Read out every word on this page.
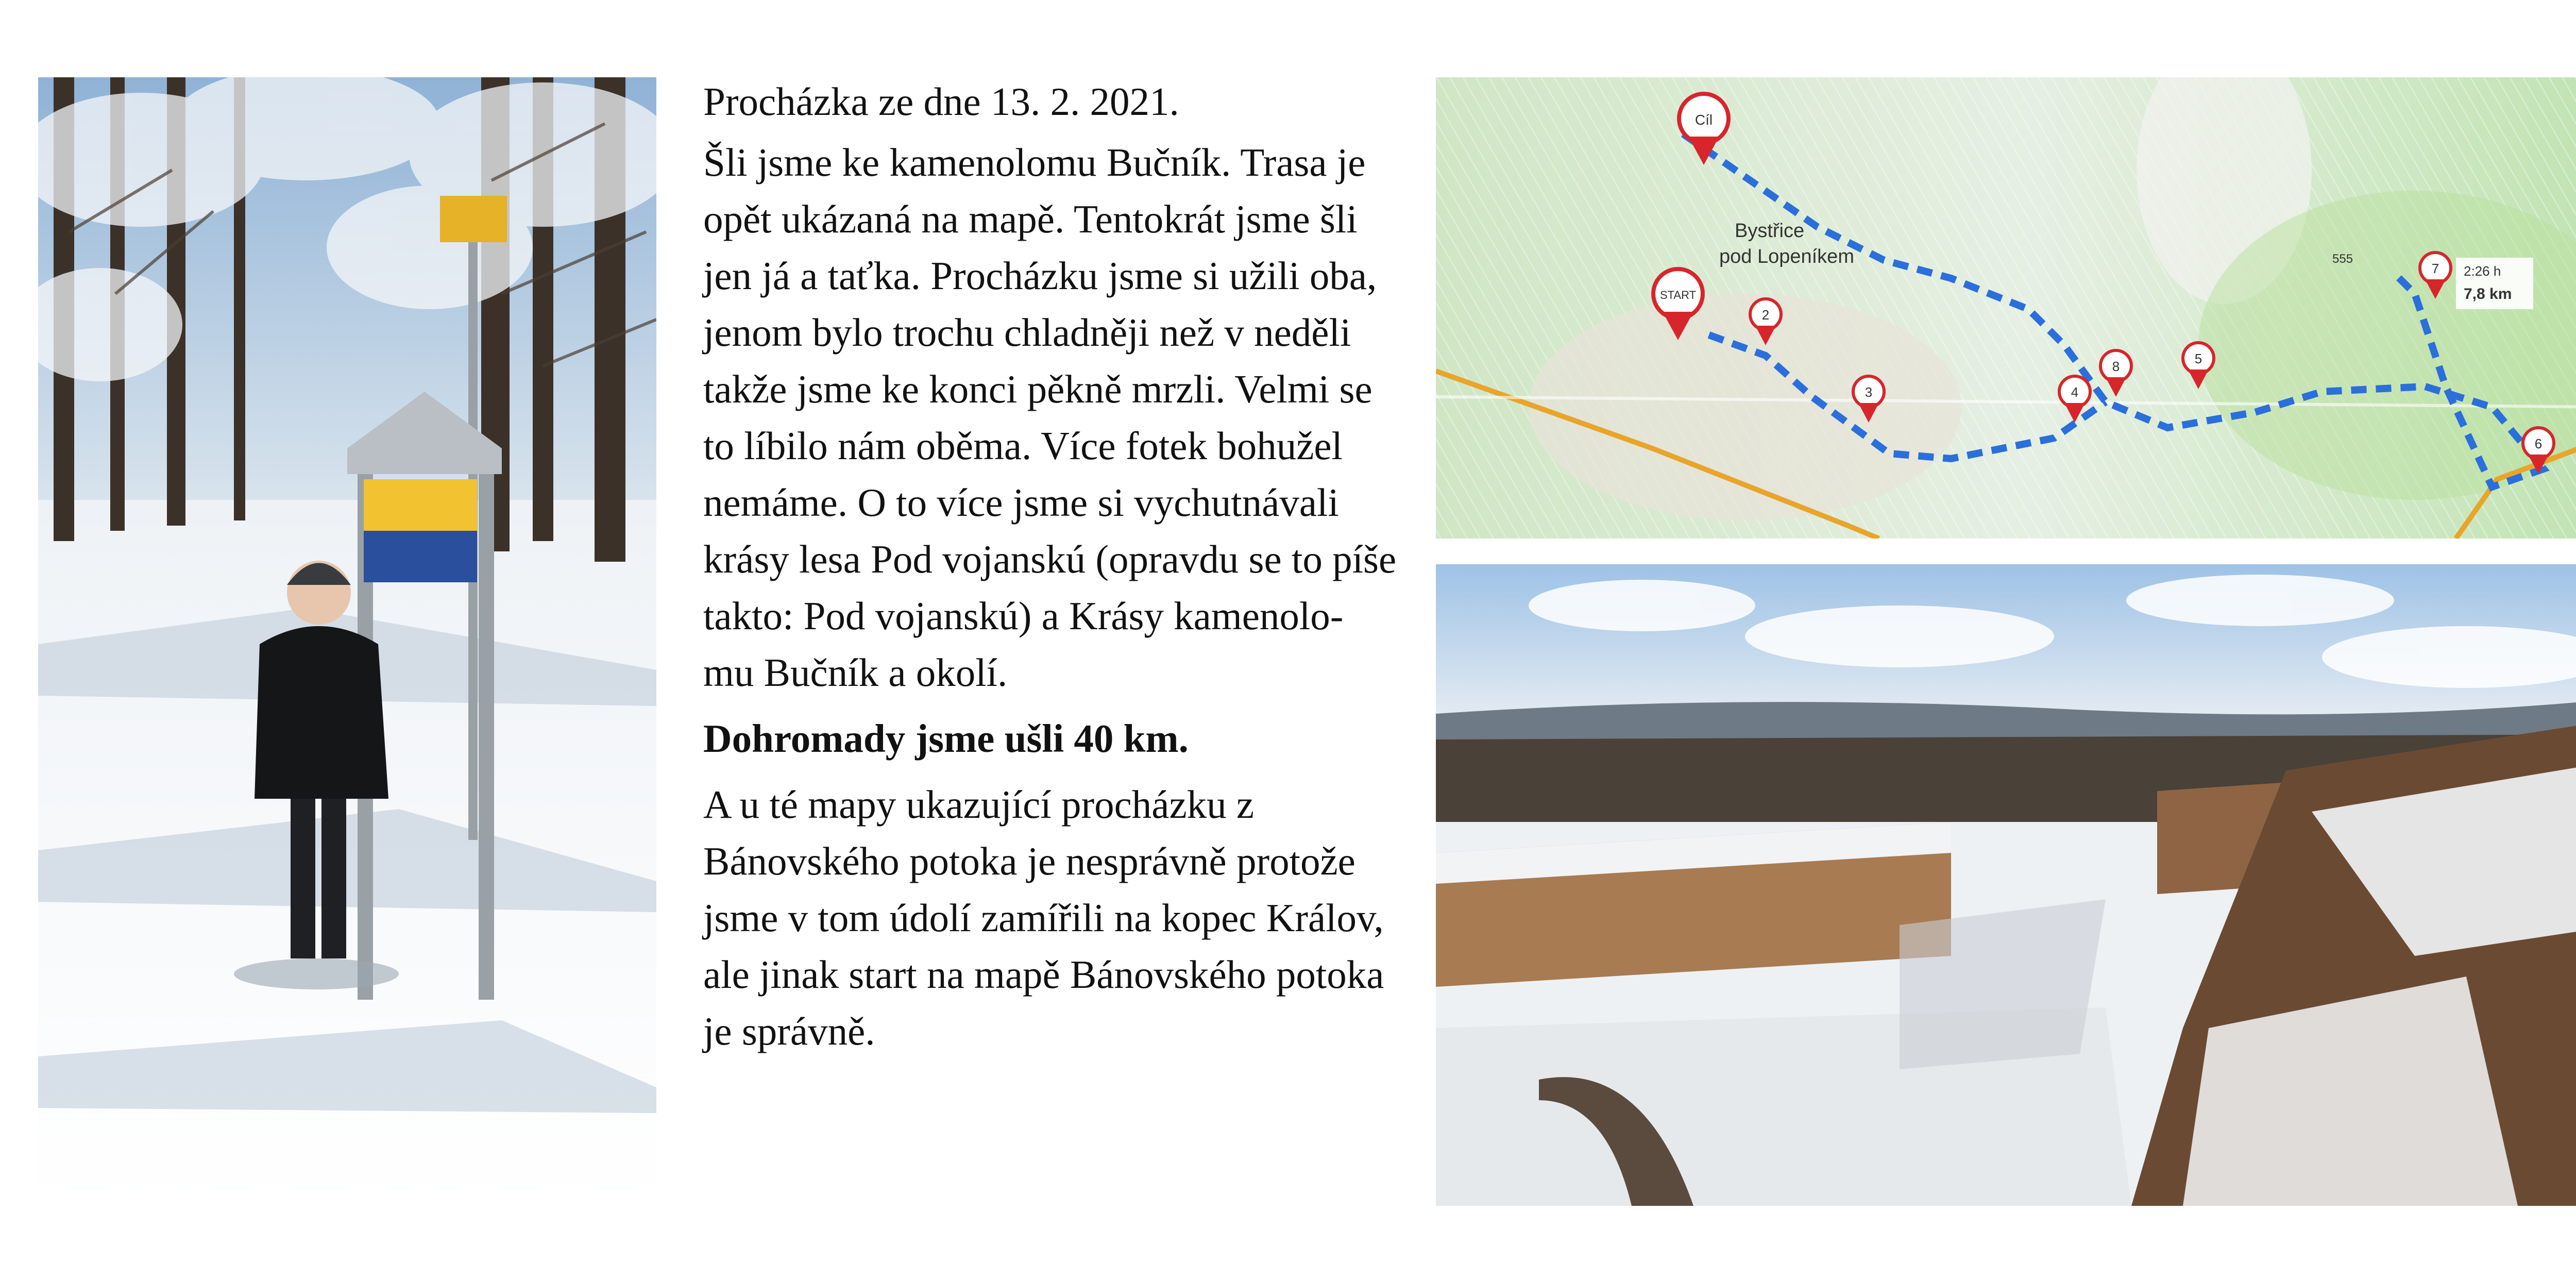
Procházka ze dne 13. 2. 2021.

Šli jsme ke kamenolomu Bučník. Trasa je opět ukázaná na mapě. Tentokrát jsme šli jen já a taťka. Procházku jsme si užili oba, jenom bylo trochu chladněji než v neděli takže jsme ke konci pěkně mrzli. Velmi se to líbilo nám oběma. Více fotek bohužel nemáme. O to více jsme si vychutnávali krásy lesa Pod vojanskú (opravdu se to píše takto: Pod vojanskú) a Krásy kamenolo-
mu Bučník a okolí.

Dohromady jsme ušli 40 km.

A u té mapy ukazující procházku z Bánovského potoka je nesprávně protože jsme v tom údolí zamířili na kopec Králov, ale jinak start na mapě Bánovského potoka je správně.

Bystřice
pod Lopeníkem	555
Cíl
START
2
3	4
8	5
6
7 2:26 h
7,8 km
